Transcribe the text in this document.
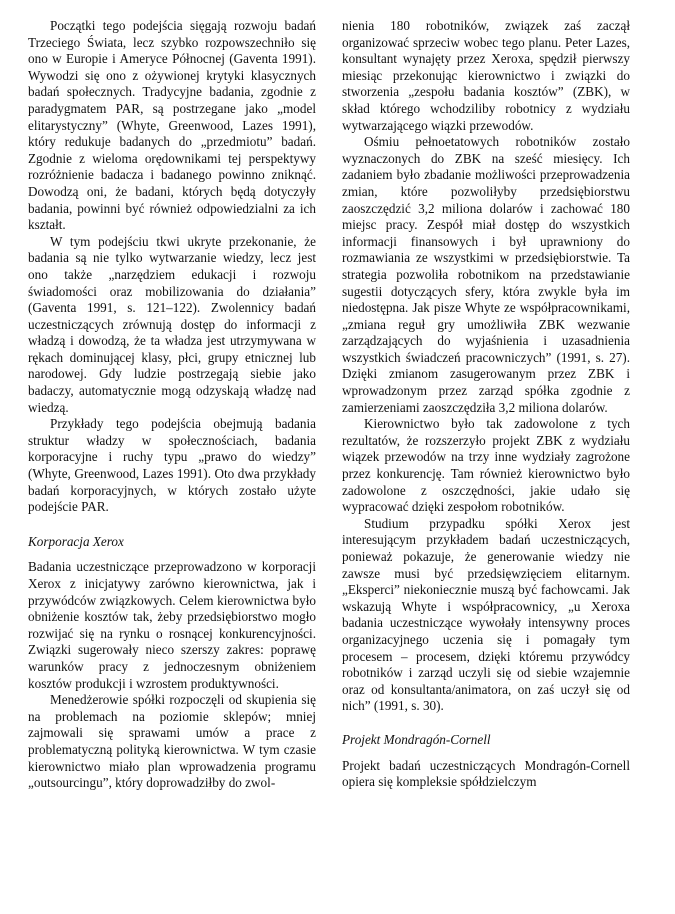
Początki tego podejścia sięgają rozwoju badań Trzeciego Świata, lecz szybko rozpowszechniło się ono w Europie i Ameryce Północnej (Gaventa 1991). Wywodzi się ono z ożywionej krytyki klasycznych badań społecznych. Tradycyjne badania, zgodnie z paradygmatem PAR, są postrzegane jako „model elitarystyczny” (Whyte, Greenwood, Lazes 1991), który redukuje badanych do „przedmiotu” badań. Zgodnie z wieloma orędownikami tej perspektywy rozróżnienie badacza i badanego powinno zniknąć. Dowodzą oni, że badani, których będą dotyczyły badania, powinni być również odpowiedzialni za ich kształt.

W tym podejściu tkwi ukryte przekonanie, że badania są nie tylko wytwarzanie wiedzy, lecz jest ono także „narzędziem edukacji i rozwoju świadomości oraz mobilizowania do działania” (Gaventa 1991, s. 121–122). Zwolennicy badań uczestniczących zrównują dostęp do informacji z władzą i dowodzą, że ta władza jest utrzymywana w rękach dominującej klasy, płci, grupy etnicznej lub narodowej. Gdy ludzie postrzegają siebie jako badaczy, automatycznie mogą odzyskają władzę nad wiedzą.

Przykłady tego podejścia obejmują badania struktur władzy w społecznościach, badania korporacyjne i ruchy typu „prawo do wiedzy” (Whyte, Greenwood, Lazes 1991). Oto dwa przykłady badań korporacyjnych, w których zostało użyte podejście PAR.

Korporacja Xerox

Badania uczestniczące przeprowadzono w korporacji Xerox z inicjatywy zarówno kierownictwa, jak i przywódców związkowych. Celem kierownictwa było obniżenie kosztów tak, żeby przedsiębiorstwo mogło rozwijać się na rynku o rosnącej konkurencyjności. Związki sugerowały nieco szerszy zakres: poprawę warunków pracy z jednoczesnym obniżeniem kosztów produkcji i wzrostem produktywności.

Menedżerowie spółki rozpoczęli od skupienia się na problemach na poziomie sklepów; mniej zajmowali się sprawami umów a prace z problematyczną polityką kierownictwa. W tym czasie kierownictwo miało plan wprowadzenia programu „outsourcingu”, który doprowadziłby do zwol-

nienia 180 robotników, związek zaś zaczął organizować sprzeciw wobec tego planu. Peter Lazes, konsultant wynajęty przez Xeroxa, spędził pierwszy miesiąc przekonując kierownictwo i związki do stworzenia „zespołu badania kosztów” (ZBK), w skład którego wchodziliby robotnicy z wydziału wytwarzającego wiązki przewodów.

Ośmiu pełnoetatowych robotników zostało wyznaczonych do ZBK na sześć miesięcy. Ich zadaniem było zbadanie możliwości przeprowadzenia zmian, które pozwoliłyby przedsiębiorstwu zaoszczędzić 3,2 miliona dolarów i zachować 180 miejsc pracy. Zespół miał dostęp do wszystkich informacji finansowych i był uprawniony do rozmawiania ze wszystkimi w przedsiębiorstwie. Ta strategia pozwoliła robotnikom na przedstawianie sugestii dotyczących sfery, która zwykle była im niedostępna. Jak pisze Whyte ze współpracownikami, „zmiana reguł gry umożliwiła ZBK wezwanie zarządzających do wyjaśnienia i uzasadnienia wszystkich świadczeń pracowniczych” (1991, s. 27). Dzięki zmianom zasugerowanym przez ZBK i wprowadzonym przez zarząd spółka zgodnie z zamierzeniami zaoszczędziła 3,2 miliona dolarów.

Kierownictwo było tak zadowolone z tych rezultatów, że rozszerzyło projekt ZBK z wydziału wiązek przewodów na trzy inne wydziały zagrożone przez konkurencję. Tam również kierownictwo było zadowolone z oszczędności, jakie udało się wypracować dzięki zespołom robotników.

Studium przypadku spółki Xerox jest interesującym przykładem badań uczestniczących, ponieważ pokazuje, że generowanie wiedzy nie zawsze musi być przedsięwzięciem elitarnym. „Eksperci” niekoniecznie muszą być fachowcami. Jak wskazują Whyte i współpracownicy, „u Xeroxa badania uczestniczące wywołały intensywny proces organizacyjnego uczenia się i pomagały tym procesem – procesem, dzięki któremu przywódcy robotników i zarząd uczyli się od siebie wzajemnie oraz od konsultanta/animatora, on zaś uczył się od nich” (1991, s. 30).

Projekt Mondragón-Cornell

Projekt badań uczestniczących Mondragón-Cornell opiera się kompleksie spółdzielczym
